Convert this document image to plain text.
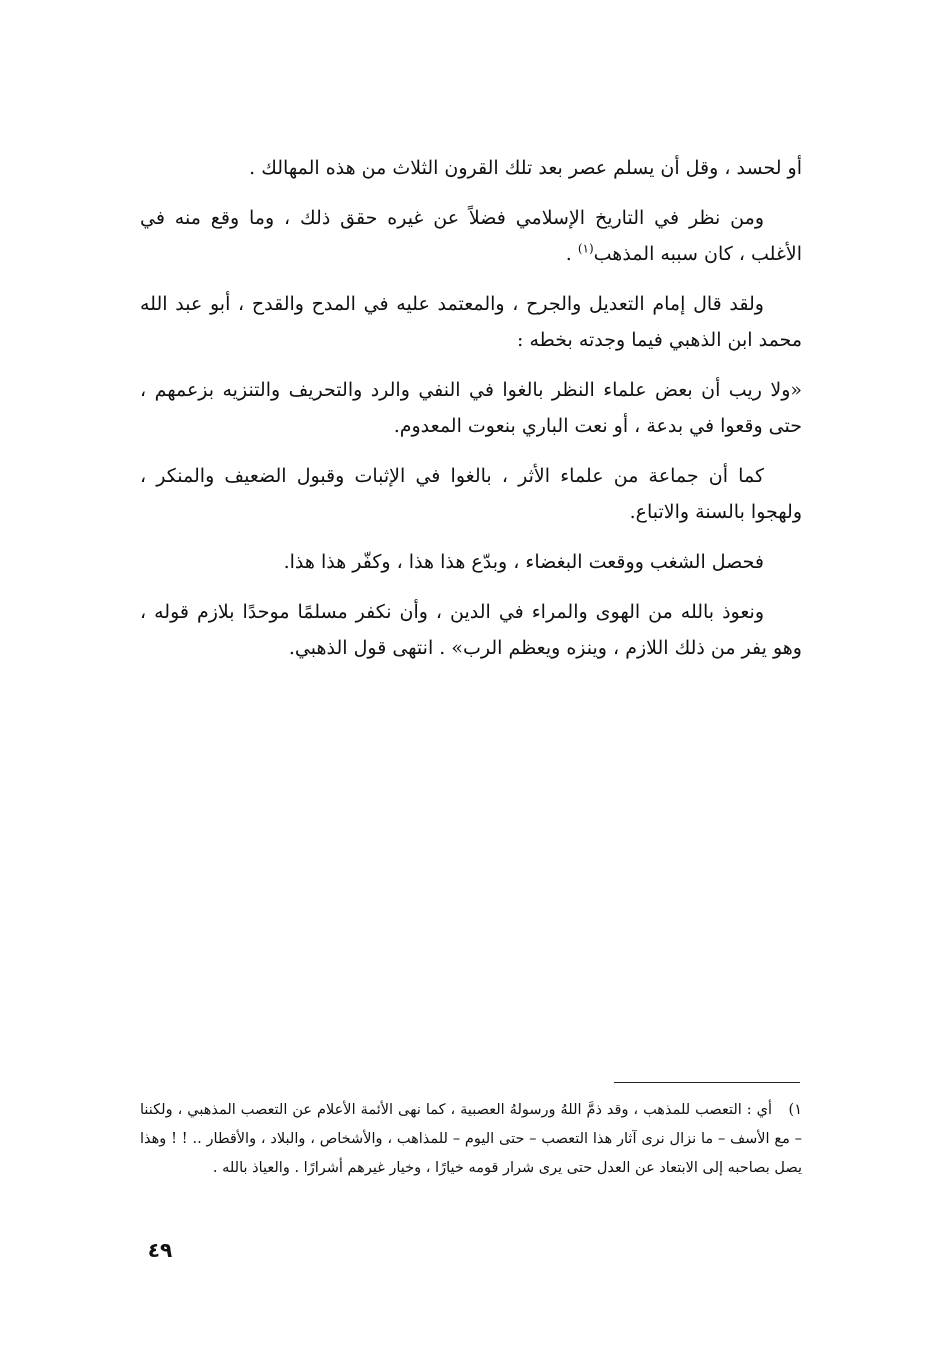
أو لحسد ، وقل أن يسلم عصر بعد تلك القرون الثلاث من هذه المهالك .

ومن نظر في التاريخ الإسلامي فضلاً عن غيره حقق ذلك ، وما وقع منه في الأغلب ، كان سببه المذهب$^{(١)}$ .

ولقد قال إمام التعديل والجرح ، والمعتمد عليه في المدح والقدح ، أبو عبد الله محمد ابن الذهبي فيما وجدته بخطه :

«ولا ريب أن بعض علماء النظر بالغوا في النفي والرد والتحريف والتنزيه بزعمهم ، حتى وقعوا في بدعة ، أو نعت الباري بنعوت المعدوم.

كما أن جماعة من علماء الأثر ، بالغوا في الإثبات وقبول الضعيف والمنكر ، ولهجوا بالسنة والاتباع.

فحصل الشغب ووقعت البغضاء ، وبدّع هذا هذا ، وكفّر هذا هذا.

ونعوذ بالله من الهوى والمراء في الدين ، وأن نكفر مسلمًا موحدًا بلازم قوله ، وهو يفر من ذلك اللازم ، وينزه ويعظم الرب» . انتهى قول الذهبي.

١)أي : التعصب للمذهب ، وقد ذمَّ اللهُ ورسولهُ العصبية ، كما نهى الأئمة الأعلام عن التعصب المذهبي ، ولكننا – مع الأسف – ما نزال نرى آثار هذا التعصب – حتى اليوم – للمذاهب ، والأشخاص ، والبلاد ، والأقطار .. ! ! وهذا يصل بصاحبه إلى الابتعاد عن العدل حتى يرى شرار قومه خيارًا ، وخيار غيرهم أشرارًا . والعياذ بالله .
٤٩
